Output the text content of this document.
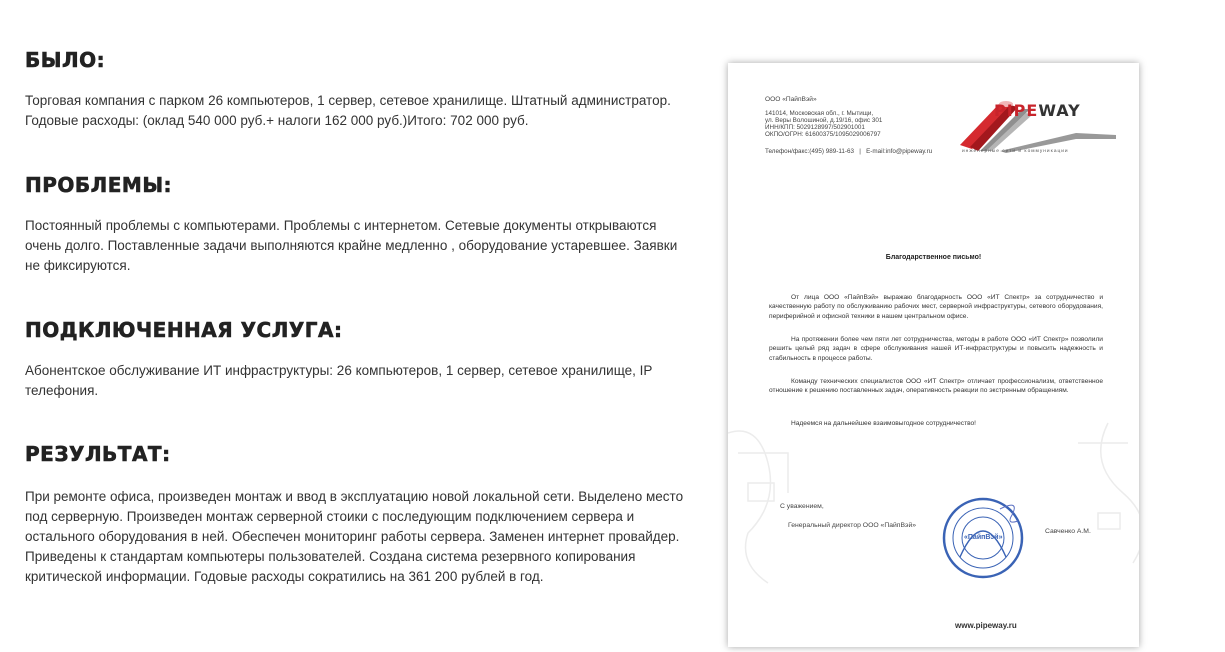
БЫЛО:

Торговая компания с парком 26 компьютеров, 1 сервер, сетевое хранилище. Штатный администратор. Годовые расходы: (оклад 540 000 руб.+ налоги 162 000 руб.)Итого: 702 000 руб.

ПРОБЛЕМЫ:

Постоянный проблемы с компьютерами. Проблемы с интернетом. Сетевые документы открываются очень долго. Поставленные задачи выполняются крайне медленно , оборудование устаревшее. Заявки не фиксируются.

ПОДКЛЮЧЕННАЯ УСЛУГА:

Абонентское обслуживание ИТ инфраструктуры: 26 компьютеров, 1 сервер, сетевое хранилище, IP телефония.

РЕЗУЛЬТАТ:

При ремонте офиса, произведен монтаж и ввод в эксплуатацию новой локальной сети. Выделено место под серверную. Произведен монтаж серверной стоики с последующим подключением сервера и остального оборудования в ней. Обеспечен мониторинг работы сервера. Заменен интернет провайдер. Приведены к стандартам компьютеры пользователей. Создана система резервного копирования критической информации. Годовые расходы сократились на 361 200 рублей в год.

ООО «ПайпВэй»
141014, Московская обл., г. Мытищи,
ул. Веры Волошиной, д.19/16, офис 301
ИНН/КПП: 5029128997/502901001
ОКПО/ОГРН: 61600375/1095029006797
Телефон/факс:(495) 989-11-63   |   E-mail:info@pipeway.ru
PIPEWAY
инженерные сети и коммуникации
Благодарственное письмо!
От лица ООО «ПайпВэй» выражаю благодарность ООО «ИТ Спектр» за сотрудничество и качественную работу по обслуживанию рабочих мест, серверной инфраструктуры, сетевого оборудования, периферийной и офисной техники в нашем центральном офисе.
На протяжении более чем пяти лет сотрудничества, методы в работе ООО «ИТ Спектр» позволили решить целый ряд задач в сфере обслуживания нашей ИТ-инфраструктуры и повысить надежность и стабильность в процессе работы.
Команду технических специалистов ООО «ИТ Спектр» отличает профессионализм, ответственное отношение к решению поставленных задач, оперативность реакции по экстренным обращениям.
Надеемся на дальнейшее взаимовыгодное сотрудничество!
С уважением,
Генеральный директор ООО «ПайпВэй»
Савченко А.М.
«ПайпВэй»
www.pipeway.ru
